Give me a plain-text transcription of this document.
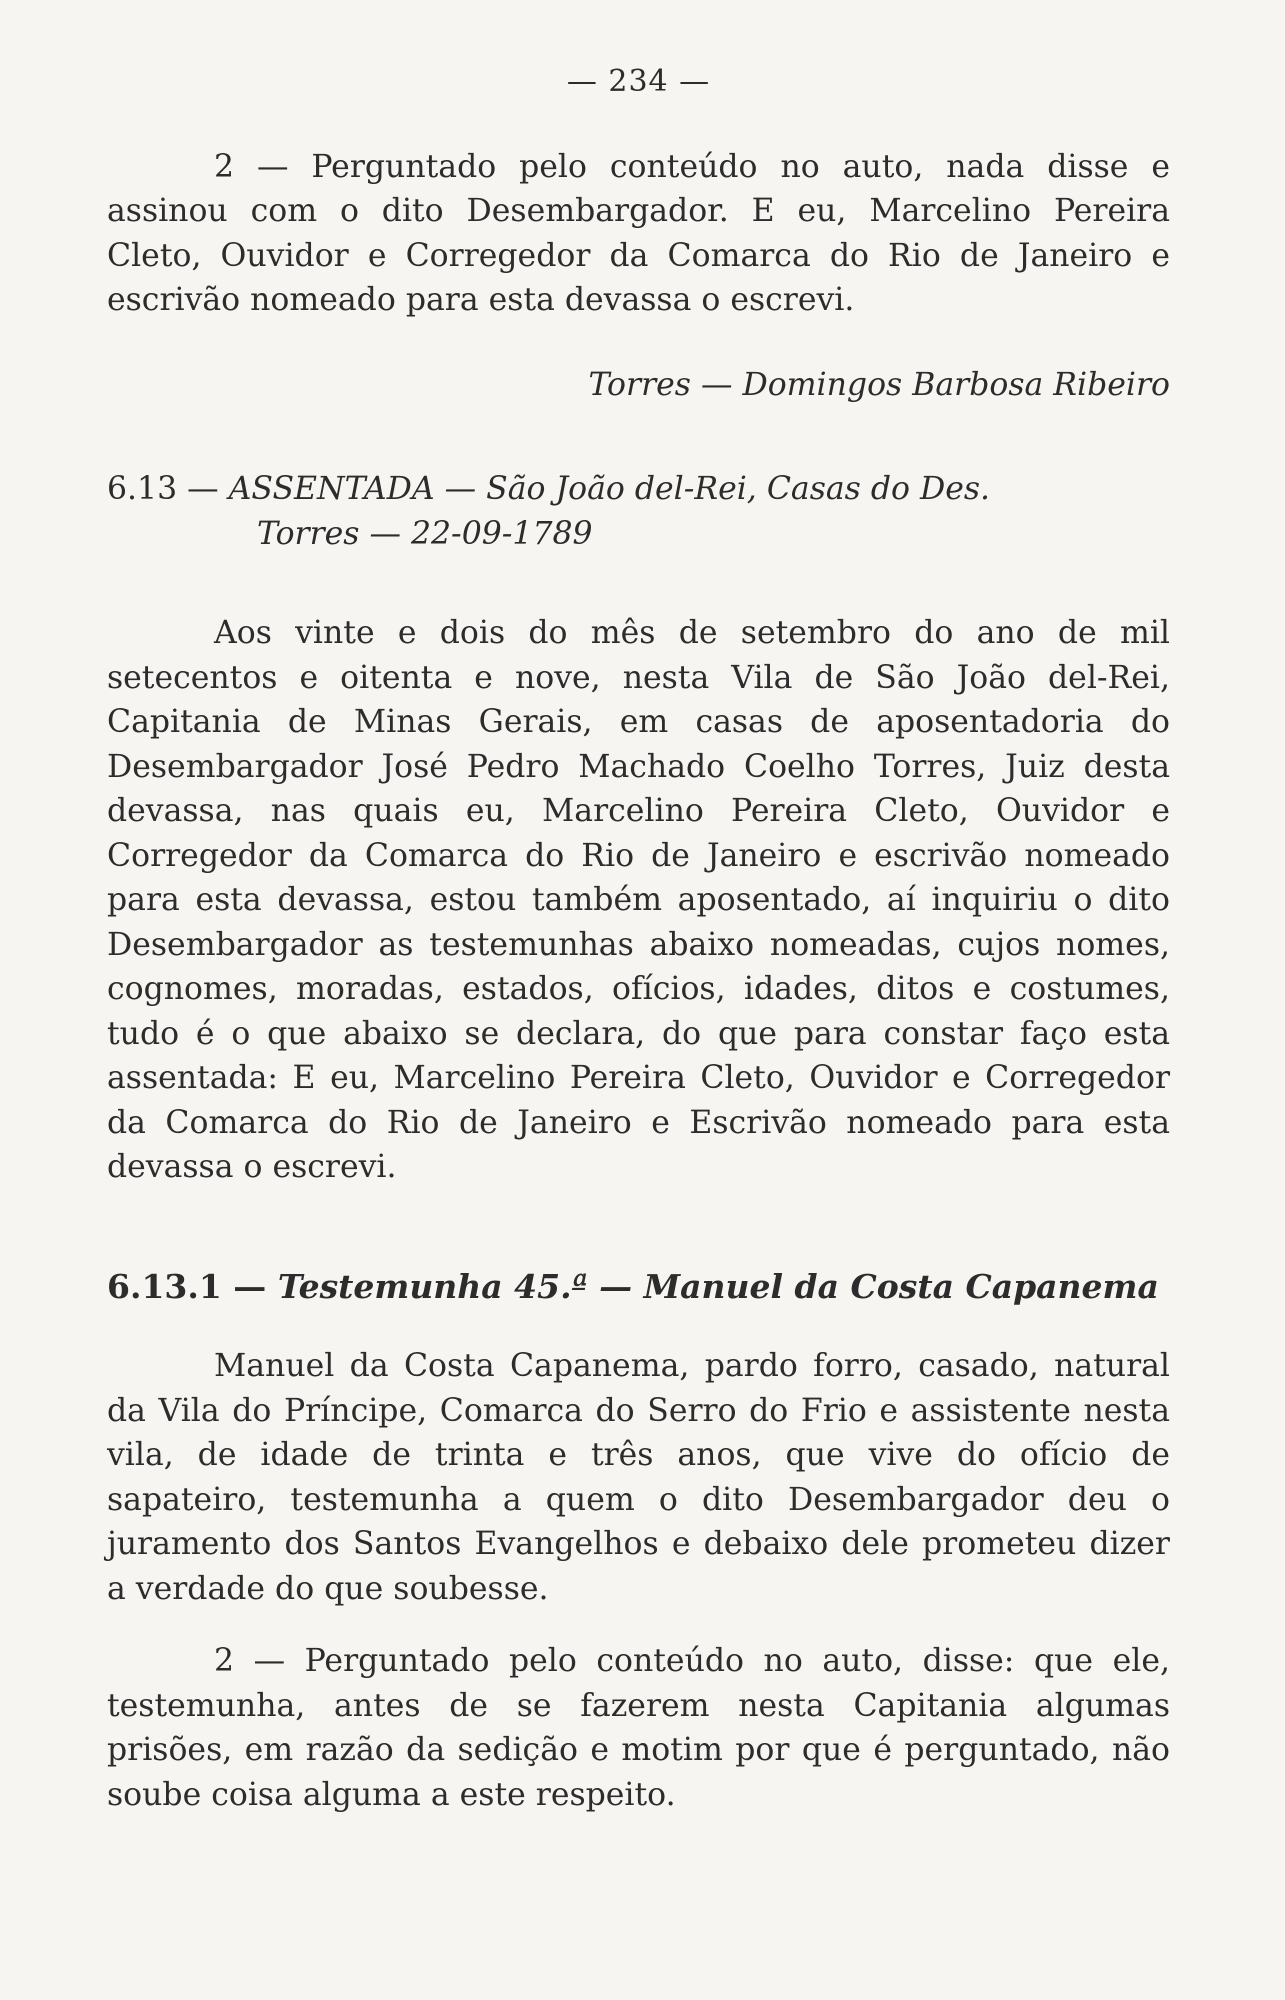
— 234 —

2 — Perguntado pelo conteúdo no auto, nada disse e assinou com o dito Desembargador. E eu, Marcelino Pereira Cleto, Ouvidor e Corregedor da Comarca do Rio de Janeiro e escrivão nomeado para esta devassa o escrevi.

Torres — Domingos Barbosa Ribeiro

6.13 — ASSENTADA — São João del-Rei, Casas do Des.
Torres — 22-09-1789

Aos vinte e dois do mês de setembro do ano de mil setecentos e oitenta e nove, nesta Vila de São João del-Rei, Capitania de Minas Gerais, em casas de aposentadoria do Desembargador José Pedro Machado Coelho Torres, Juiz desta devassa, nas quais eu, Marcelino Pereira Cleto, Ouvidor e Corregedor da Comarca do Rio de Janeiro e escrivão nomeado para esta devassa, estou também aposentado, aí inquiriu o dito Desembargador as testemunhas abaixo nomeadas, cujos nomes, cognomes, moradas, estados, ofícios, idades, ditos e costumes, tudo é o que abaixo se declara, do que para constar faço esta assentada: E eu, Marcelino Pereira Cleto, Ouvidor e Corregedor da Comarca do Rio de Janeiro e Escrivão nomeado para esta devassa o escrevi.

6.13.1 — Testemunha 45.ª — Manuel da Costa Capanema

Manuel da Costa Capanema, pardo forro, casado, natural da Vila do Príncipe, Comarca do Serro do Frio e assistente nesta vila, de idade de trinta e três anos, que vive do ofício de sapateiro, testemunha a quem o dito Desembargador deu o juramento dos Santos Evangelhos e debaixo dele prometeu dizer a verdade do que soubesse.

2 — Perguntado pelo conteúdo no auto, disse: que ele, testemunha, antes de se fazerem nesta Capitania algumas prisões, em razão da sedição e motim por que é perguntado, não soube coisa alguma a este respeito.
